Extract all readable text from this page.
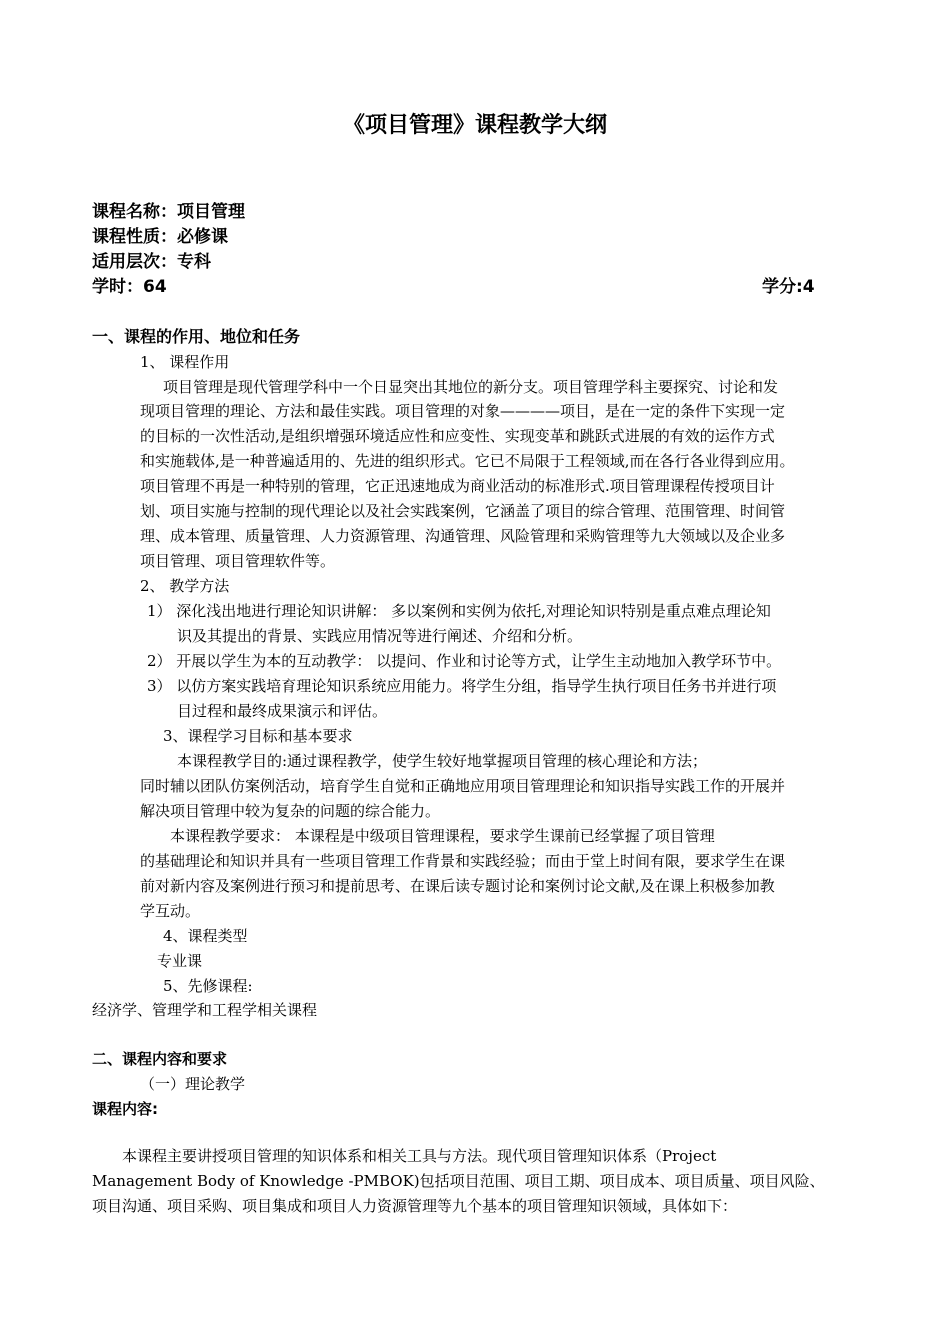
《项目管理》课程教学大纲
课程名称：项目管理
课程性质：必修课
适用层次：专科
学时：64	学分:4
一、课程的作用、地位和任务
1、 课程作用
项目管理是现代管理学科中一个日显突出其地位的新分支。项目管理学科主要探究、讨论和发
现项目管理的理论、方法和最佳实践。项目管理的对象————项目，是在一定的条件下实现一定
的目标的一次性活动,是组织增强环境适应性和应变性、实现变革和跳跃式进展的有效的运作方式
和实施载体,是一种普遍适用的、先进的组织形式。它已不局限于工程领域,而在各行各业得到应用。
项目管理不再是一种特别的管理，它正迅速地成为商业活动的标准形式.项目管理课程传授项目计
划、项目实施与控制的现代理论以及社会实践案例，它涵盖了项目的综合管理、范围管理、时间管
理、成本管理、质量管理、人力资源管理、沟通管理、风险管理和采购管理等九大领域以及企业多
项目管理、项目管理软件等。
2、 教学方法
1） 深化浅出地进行理论知识讲解： 多以案例和实例为依托,对理论知识特别是重点难点理论知
识及其提出的背景、实践应用情况等进行阐述、介绍和分析。
2） 开展以学生为本的互动教学： 以提问、作业和讨论等方式，让学生主动地加入教学环节中。
3） 以仿方案实践培育理论知识系统应用能力。将学生分组，指导学生执行项目任务书并进行项
目过程和最终成果演示和评估。
3、课程学习目标和基本要求
本课程教学目的:通过课程教学，使学生较好地掌握项目管理的核心理论和方法；
同时辅以团队仿案例活动，培育学生自觉和正确地应用项目管理理论和知识指导实践工作的开展并
解决项目管理中较为复杂的问题的综合能力。
本课程教学要求： 本课程是中级项目管理课程，要求学生课前已经掌握了项目管理
的基础理论和知识并具有一些项目管理工作背景和实践经验；而由于堂上时间有限，要求学生在课
前对新内容及案例进行预习和提前思考、在课后读专题讨论和案例讨论文献,及在课上积极参加教
学互动。
4、课程类型
专业课
5、先修课程:
经济学、管理学和工程学相关课程
二、课程内容和要求
（一）理论教学
课程内容:
本课程主要讲授项目管理的知识体系和相关工具与方法。现代项目管理知识体系（Project
Management Body of Knowledge -PMBOK)包括项目范围、项目工期、项目成本、项目质量、项目风险、
项目沟通、项目采购、项目集成和项目人力资源管理等九个基本的项目管理知识领域，具体如下：
